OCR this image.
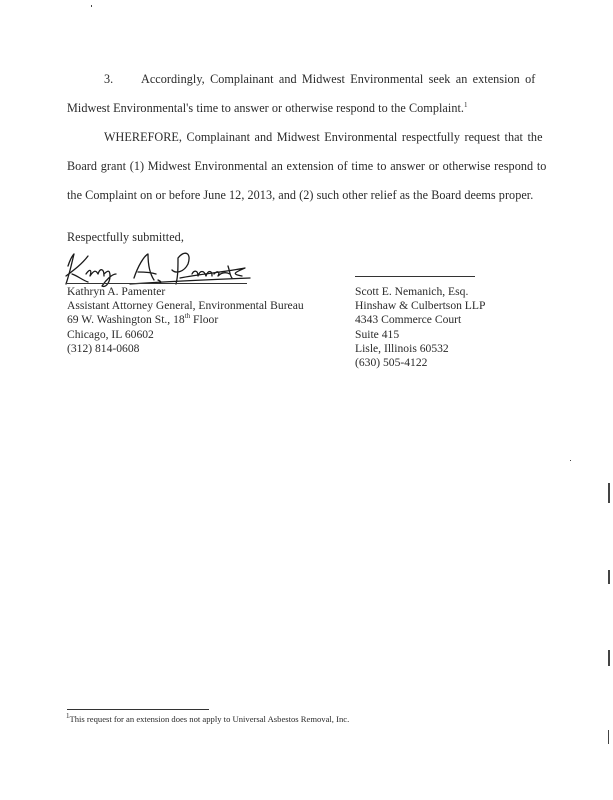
3. Accordingly, Complainant and Midwest Environmental seek an extension of
Midwest Environmental's time to answer or otherwise respond to the Complaint.$^1$
WHEREFORE, Complainant and Midwest Environmental respectfully request that the
Board grant (1) Midwest Environmental an extension of time to answer or otherwise respond to
the Complaint on or before June 12, 2013, and (2) such other relief as the Board deems proper.
Respectfully submitted,
Kathryn A. Pamenter
Assistant Attorney General, Environmental Bureau
69 W. Washington St., 18th Floor
Chicago, IL 60602
(312) 814-0608
Scott E. Nemanich, Esq.
Hinshaw & Culbertson LLP
4343 Commerce Court
Suite 415
Lisle, Illinois 60532
(630) 505-4122
$^1$This request for an extension does not apply to Universal Asbestos Removal, Inc.
